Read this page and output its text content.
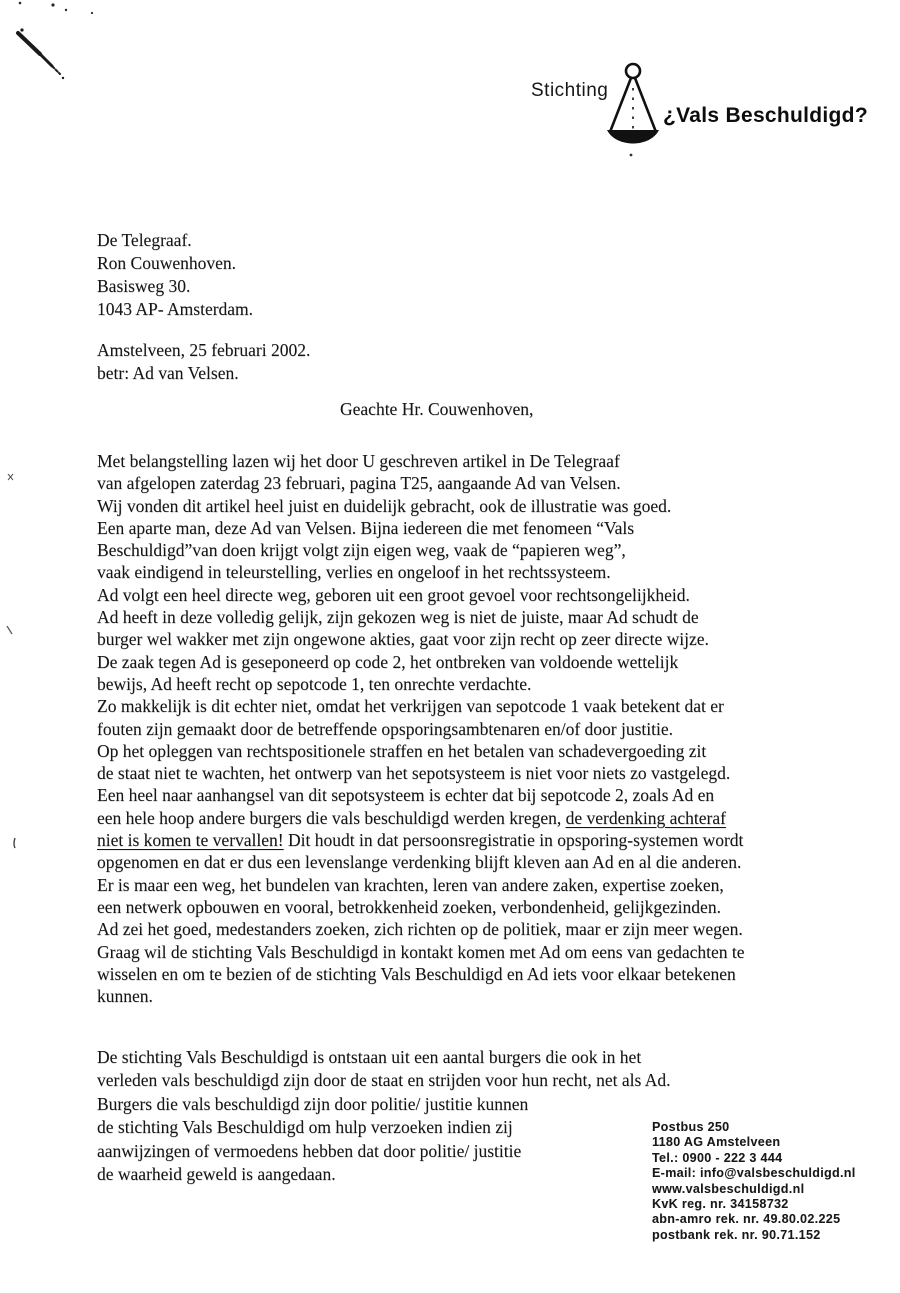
Stichting
¿Vals Beschuldigd?
De Telegraaf.
Ron Couwenhoven.
Basisweg 30.
1043 AP- Amsterdam.
Amstelveen, 25 februari 2002.
betr: Ad van Velsen.
Geachte Hr. Couwenhoven,
Met belangstelling lazen wij het door U geschreven artikel in De Telegraaf
van afgelopen zaterdag 23 februari, pagina T25, aangaande Ad van Velsen.
Wij vonden dit artikel heel juist en duidelijk gebracht, ook de illustratie was goed.
Een aparte man, deze Ad van Velsen. Bijna iedereen die met fenomeen “Vals
Beschuldigd”van doen krijgt volgt zijn eigen weg, vaak de “papieren weg”,
vaak eindigend in teleurstelling, verlies en ongeloof in het rechtssysteem.
Ad volgt een heel directe weg, geboren uit een groot gevoel voor rechtsongelijkheid.
Ad heeft in deze volledig gelijk, zijn gekozen weg is niet de juiste, maar Ad schudt de
burger wel wakker met zijn ongewone akties, gaat voor zijn recht op zeer directe wijze.
De zaak tegen Ad is geseponeerd op code 2, het ontbreken van voldoende wettelijk
bewijs, Ad heeft recht op sepotcode 1, ten onrechte verdachte.
Zo makkelijk is dit echter niet, omdat het verkrijgen van sepotcode 1 vaak betekent dat er
fouten zijn gemaakt door de betreffende opsporingsambtenaren en/of door justitie.
Op het opleggen van rechtspositionele straffen en het betalen van schadevergoeding zit
de staat niet te wachten, het ontwerp van het sepotsysteem is niet voor niets zo vastgelegd.
Een heel naar aanhangsel van dit sepotsysteem is echter dat bij sepotcode 2, zoals Ad en
een hele hoop andere burgers die vals beschuldigd werden kregen, de verdenking achteraf
niet is komen te vervallen! Dit houdt in dat persoonsregistratie in opsporing-systemen wordt
opgenomen en dat er dus een levenslange verdenking blijft kleven aan Ad en al die anderen.
Er is maar een weg, het bundelen van krachten, leren van andere zaken, expertise zoeken,
een netwerk opbouwen en vooral, betrokkenheid zoeken, verbondenheid, gelijkgezinden.
Ad zei het goed, medestanders zoeken, zich richten op de politiek, maar er zijn meer wegen.
Graag wil de stichting Vals Beschuldigd in kontakt komen met Ad om eens van gedachten te
wisselen en om te bezien of de stichting Vals Beschuldigd en Ad iets voor elkaar betekenen
kunnen.
De stichting Vals Beschuldigd is ontstaan uit een aantal burgers die ook in het
verleden vals beschuldigd zijn door de staat en strijden voor hun recht, net als Ad.
Burgers die vals beschuldigd zijn door politie/ justitie kunnen
de stichting Vals Beschuldigd om hulp verzoeken indien zij
aanwijzingen of vermoedens hebben dat door politie/ justitie
de waarheid geweld is aangedaan.
Postbus 250
1180 AG Amstelveen
Tel.: 0900 - 222 3 444
E-mail: info@valsbeschuldigd.nl
www.valsbeschuldigd.nl
KvK reg. nr. 34158732
abn-amro rek. nr. 49.80.02.225
postbank rek. nr. 90.71.152
